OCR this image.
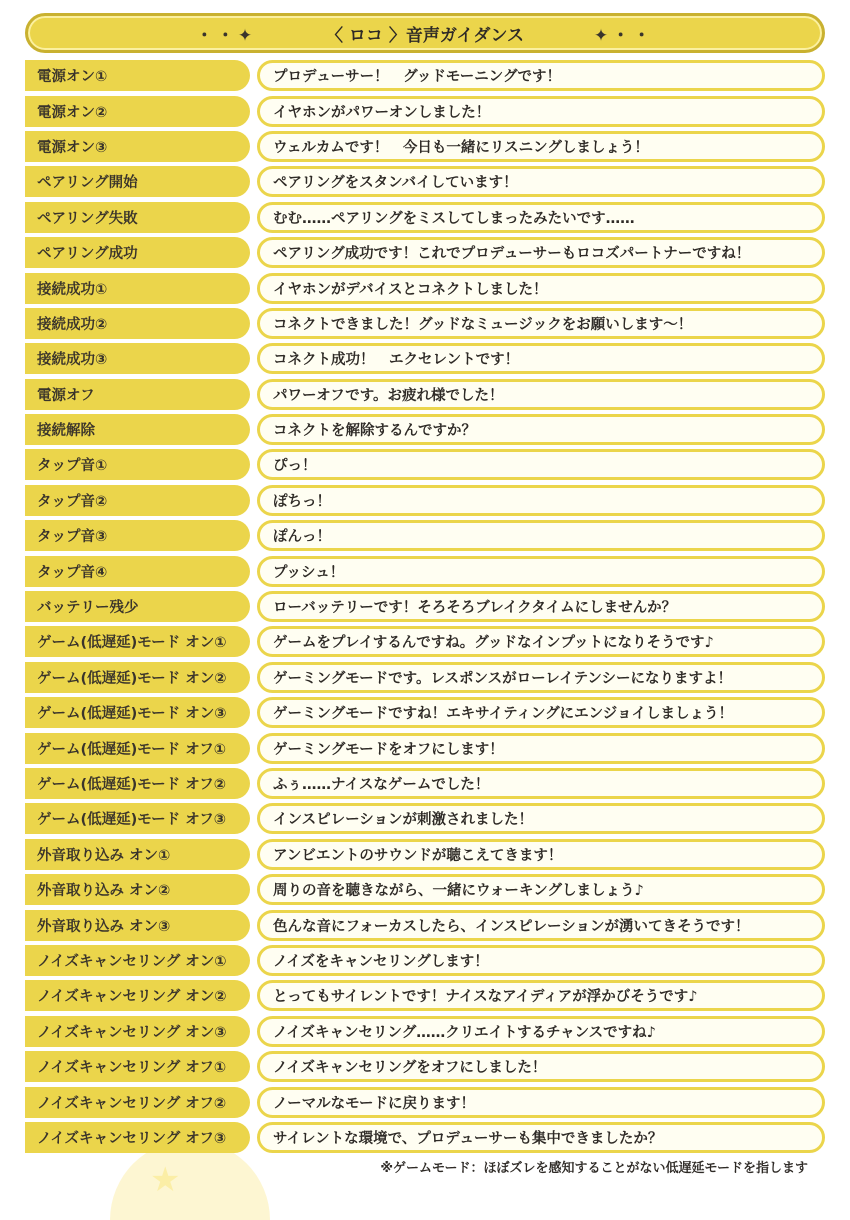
★
・・✦	〈 ロコ 〉音声ガイダンス	✦・・
電源オン①	プロデューサー！　グッドモーニングです！
電源オン②	イヤホンがパワーオンしました！
電源オン③	ウェルカムです！　今日も一緒にリスニングしましょう！
ペアリング開始	ペアリングをスタンバイしています！
ペアリング失敗	むむ……ペアリングをミスしてしまったみたいです……
ペアリング成功	ペアリング成功です！これでプロデューサーもロコズパートナーですね！
接続成功①	イヤホンがデバイスとコネクトしました！
接続成功②	コネクトできました！グッドなミュージックをお願いします〜！
接続成功③	コネクト成功！　エクセレントです！
電源オフ	パワーオフです。お疲れ様でした！
接続解除	コネクトを解除するんですか？
タップ音①	ぴっ！
タップ音②	ぽちっ！
タップ音③	ぽんっ！
タップ音④	プッシュ！
バッテリー残少	ローバッテリーです！そろそろブレイクタイムにしませんか？
ゲーム(低遅延)モード オン①	ゲームをプレイするんですね。グッドなインプットになりそうです♪
ゲーム(低遅延)モード オン②	ゲーミングモードです。レスポンスがローレイテンシーになりますよ！
ゲーム(低遅延)モード オン③	ゲーミングモードですね！エキサイティングにエンジョイしましょう！
ゲーム(低遅延)モード オフ①	ゲーミングモードをオフにします！
ゲーム(低遅延)モード オフ②	ふぅ……ナイスなゲームでした！
ゲーム(低遅延)モード オフ③	インスピレーションが刺激されました！
外音取り込み オン①	アンビエントのサウンドが聴こえてきます！
外音取り込み オン②	周りの音を聴きながら、一緒にウォーキングしましょう♪
外音取り込み オン③	色んな音にフォーカスしたら、インスピレーションが湧いてきそうです！
ノイズキャンセリング オン①	ノイズをキャンセリングします！
ノイズキャンセリング オン②	とってもサイレントです！ナイスなアイディアが浮かびそうです♪
ノイズキャンセリング オン③	ノイズキャンセリング……クリエイトするチャンスですね♪
ノイズキャンセリング オフ①	ノイズキャンセリングをオフにしました！
ノイズキャンセリング オフ②	ノーマルなモードに戻ります！
ノイズキャンセリング オフ③	サイレントな環境で、プロデューサーも集中できましたか？
※ゲームモード：ほぼズレを感知することがない低遅延モードを指します
